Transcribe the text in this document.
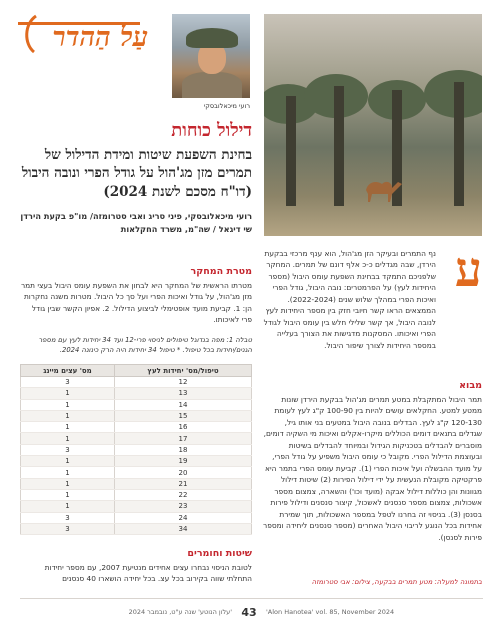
עַל הַהדר
רועי מיכאלובסקי
דילול כוחות
בחינת השפעת שיטות ומידת הדילול של תמרים מזן מג'הול על גודל הפרי ונובה היבול (דו"ח מסכם לשנת 2024)
רועי מיכאלובסקי, פיני סריג ואבי סטרומזה/ מו"פ בקעת הירדן שי דיגאל / שה"מ, משרד החקלאות
מטרת המחקר
מטרתו הראשית של המחקר היא לבחון את השפעת עומס היבול בעצי תמר מזן מג'הול, על גודל ואיכות הפרי ועל סך כל היבול. מטרות משנה נחקרות הן: 1. קביעת מועד אופטימלי לביצוע הדילול. 2. אפיון הקשר שבין גודל פרי לאיכותו.
טבלה 1: מפה בנדוגל טיפולים לניסוי פרי-12 ועד 34 יחידות לעץ עם מספר הגנים/יחידות בכל טיפול. * טיפול 34 יחידות היה הרק כינונה 2024.
טיפול/מס' יחידות לעץ	מס' עצים מיינג
12	3
13	1
14	1
15	1
16	1
17	1
18	3
19	1
20	1
21	1
22	1
23	1
24	3
34	3
שיטות וחומרים
לטובת הניסוי נבחרו עצים אחידים מנטיעת 2007, עם מספר יחידות התחלתי שווה בקירוב בכל עצ. בכל יחידה הושארו 40 סנסנים
ע
נף התמרים ובעיקר הזן מג'הול, הוא ענף מרכזי בבקעת הירדן, שבה מגדלים כ-כ אלף דונם של תמרים. המחקר שלפניכם התמקד בבחינת השפעת עומס היבול (מספר היחידות לעץ) על הפרמטרים: נובה היבול, גודל הפרי ואיכות הפרי במהלך שלוש שנים (2022-2024). הממצאים הראו קשר חיובי חזק בין מספר היחידות לעץ לנובה היבול, אך קשר שלילי חלש בין עומס היבול לגודל הפרי ואיכותו. המסקנות מדגישות את הצורך בעלייה במספר היחידות לצורך שיפור היבול.
מבוא
תמר היבול המתקבלת במטע תמרים מג'הול בבקעת הירדן שונות ממטע למטע. החקלאים עושים להיות בין 100-90 ק"ג לעץ לעומת 120-130 ק"ג לעץ. הבדלים בנובה היבול במטעים בני אותו גיל, שגדלים בתנאים דומים הכוללים מיקרו-אקלים ואיכות מי השקיה דומים, מוסברים להבדלים בטכניקות הגידול ובמיוחד להבדלים בשיטות ובעוצמת הדילול הפרי. מקובל כי עומס היבול משפיע על גודל הפרי, על מועד ההבשלה ועל איכות הפרי (1). קביעת עומס הפרי בתמר היא פרקטיקה מקובלת הנעשית על ידי דילול הפירות (2) שיטות דילול מגוונות והן כוללות דילול אבקה (מועד וכו') והשארה, צמצום מספר אשכולות, צמצום מספר סנסנים לאשכול, קיצור סנסנים ודילול פירות בסנסן (3). בניסוי זה בחרנו לטפל במספר האשכולות, תוך שמירת אחידות בכל הנוגע לריבוי היבול האחרים (מספר סנסנים ליחידה ומספר פירות לסנסן).
בתמונה למעלה: מטע תמרים בבקעה, צילום: אבי סטרומזה
'עלון הנוטע' שנה ע"ט, נובמבר 2024 43	'Alon Hanotea' vol. 85, November 2024
